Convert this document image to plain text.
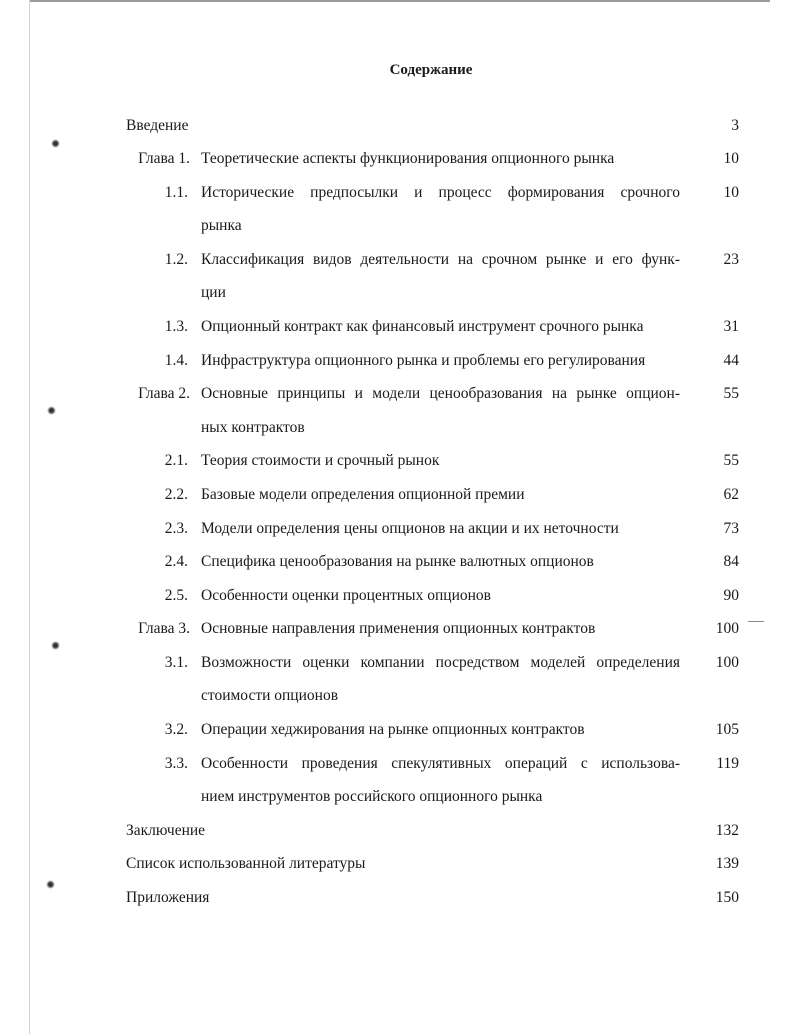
Содержание
Введение	3
Глава 1. Теоретические аспекты функционирования опционного рынка	10
1.1. Исторические предпосылки и процесс формирования срочного	10
рынка
1.2. Классификация видов деятельности на срочном рынке и его функ-	23
ции
1.3. Опционный контракт как финансовый инструмент срочного рынка	31
1.4. Инфраструктура опционного рынка и проблемы его регулирования	44
Глава 2. Основные принципы и модели ценообразования на рынке опцион-	55
ных контрактов
2.1. Теория стоимости и срочный рынок	55
2.2. Базовые модели определения опционной премии	62
2.3. Модели определения цены опционов на акции и их неточности	73
2.4. Специфика ценообразования на рынке валютных опционов	84
2.5. Особенности оценки процентных опционов	90
Глава 3. Основные направления применения опционных контрактов	100
3.1. Возможности оценки компании посредством моделей определения	100
стоимости опционов
3.2. Операции хеджирования на рынке опционных контрактов	105
3.3. Особенности проведения спекулятивных операций с использова-	119
нием инструментов российского опционного рынка
Заключение	132
Список использованной литературы	139
Приложения	150
